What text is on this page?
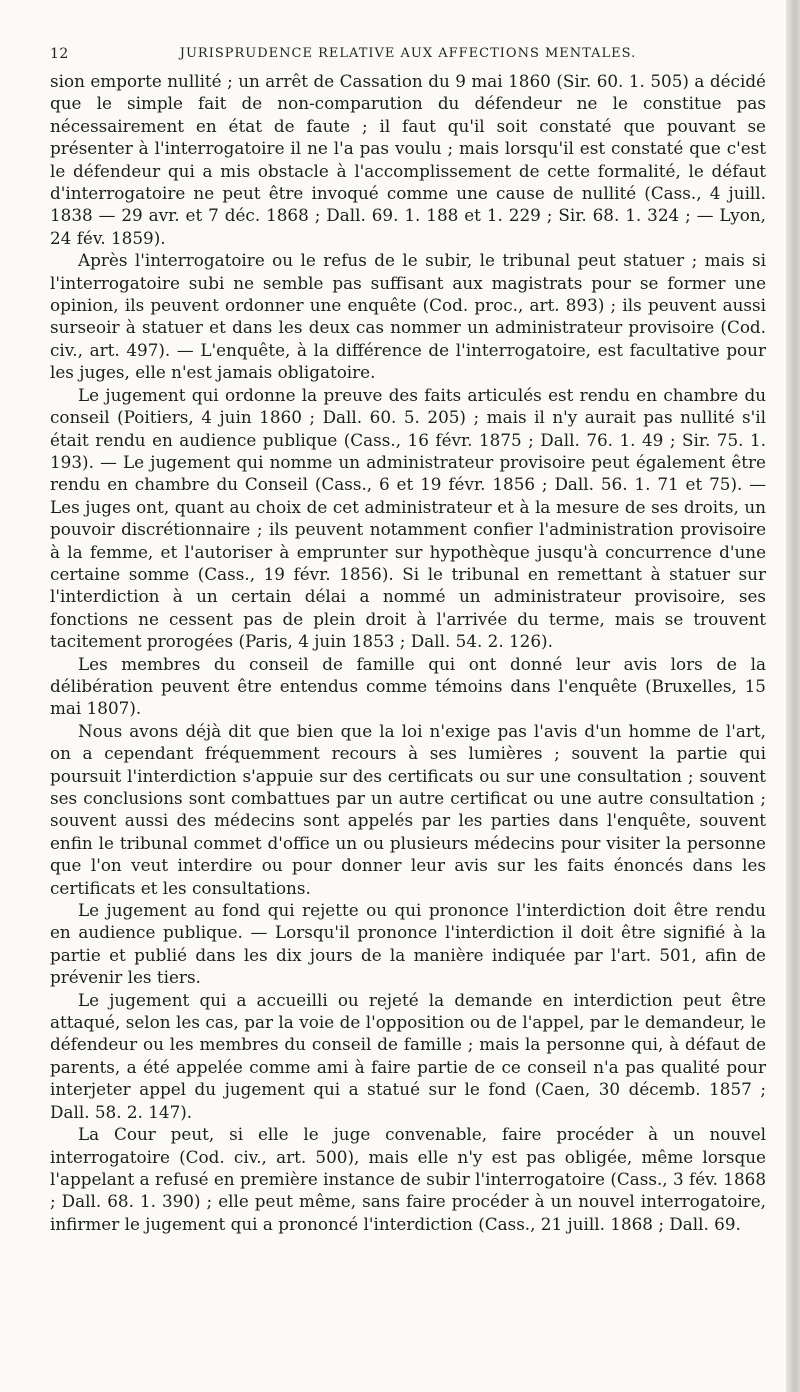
12	JURISPRUDENCE RELATIVE AUX AFFECTIONS MENTALES.

sion emporte nullité ; un arrêt de Cassation du 9 mai 1860 (Sir. 60. 1. 505) a décidé que le simple fait de non-comparution du défendeur ne le constitue pas nécessairement en état de faute ; il faut qu'il soit constaté que pouvant se présenter à l'interrogatoire il ne l'a pas voulu ; mais lorsqu'il est constaté que c'est le défendeur qui a mis obstacle à l'accomplissement de cette formalité, le défaut d'interrogatoire ne peut être invoqué comme une cause de nullité (Cass., 4 juill. 1838 — 29 avr. et 7 déc. 1868 ; Dall. 69. 1. 188 et 1. 229 ; Sir. 68. 1. 324 ; — Lyon, 24 fév. 1859).

Après l'interrogatoire ou le refus de le subir, le tribunal peut statuer ; mais si l'interrogatoire subi ne semble pas suffisant aux magistrats pour se former une opinion, ils peuvent ordonner une enquête (Cod. proc., art. 893) ; ils peuvent aussi surseoir à statuer et dans les deux cas nommer un administrateur provisoire (Cod. civ., art. 497). — L'enquête, à la différence de l'interrogatoire, est facultative pour les juges, elle n'est jamais obligatoire.

Le jugement qui ordonne la preuve des faits articulés est rendu en chambre du conseil (Poitiers, 4 juin 1860 ; Dall. 60. 5. 205) ; mais il n'y aurait pas nullité s'il était rendu en audience publique (Cass., 16 févr. 1875 ; Dall. 76. 1. 49 ; Sir. 75. 1. 193). — Le jugement qui nomme un administrateur provisoire peut également être rendu en chambre du Conseil (Cass., 6 et 19 févr. 1856 ; Dall. 56. 1. 71 et 75). — Les juges ont, quant au choix de cet administrateur et à la mesure de ses droits, un pouvoir discrétionnaire ; ils peuvent notamment confier l'administration provisoire à la femme, et l'autoriser à emprunter sur hypothèque jusqu'à concurrence d'une certaine somme (Cass., 19 févr. 1856). Si le tribunal en remettant à statuer sur l'interdiction à un certain délai a nommé un administrateur provisoire, ses fonctions ne cessent pas de plein droit à l'arrivée du terme, mais se trouvent tacitement prorogées (Paris, 4 juin 1853 ; Dall. 54. 2. 126).

Les membres du conseil de famille qui ont donné leur avis lors de la délibération peuvent être entendus comme témoins dans l'enquête (Bruxelles, 15 mai 1807).

Nous avons déjà dit que bien que la loi n'exige pas l'avis d'un homme de l'art, on a cependant fréquemment recours à ses lumières ; souvent la partie qui poursuit l'interdiction s'appuie sur des certificats ou sur une consultation ; souvent ses conclusions sont combattues par un autre certificat ou une autre consultation ; souvent aussi des médecins sont appelés par les parties dans l'enquête, souvent enfin le tribunal commet d'office un ou plusieurs médecins pour visiter la personne que l'on veut interdire ou pour donner leur avis sur les faits énoncés dans les certificats et les consultations.

Le jugement au fond qui rejette ou qui prononce l'interdiction doit être rendu en audience publique. — Lorsqu'il prononce l'interdiction il doit être signifié à la partie et publié dans les dix jours de la manière indiquée par l'art. 501, afin de prévenir les tiers.

Le jugement qui a accueilli ou rejeté la demande en interdiction peut être attaqué, selon les cas, par la voie de l'opposition ou de l'appel, par le demandeur, le défendeur ou les membres du conseil de famille ; mais la personne qui, à défaut de parents, a été appelée comme ami à faire partie de ce conseil n'a pas qualité pour interjeter appel du jugement qui a statué sur le fond (Caen, 30 décemb. 1857 ; Dall. 58. 2. 147).

La Cour peut, si elle le juge convenable, faire procéder à un nouvel interrogatoire (Cod. civ., art. 500), mais elle n'y est pas obligée, même lorsque l'appelant a refusé en première instance de subir l'interrogatoire (Cass., 3 fév. 1868 ; Dall. 68. 1. 390) ; elle peut même, sans faire procéder à un nouvel interrogatoire, infirmer le jugement qui a prononcé l'interdiction (Cass., 21 juill. 1868 ; Dall. 69.
